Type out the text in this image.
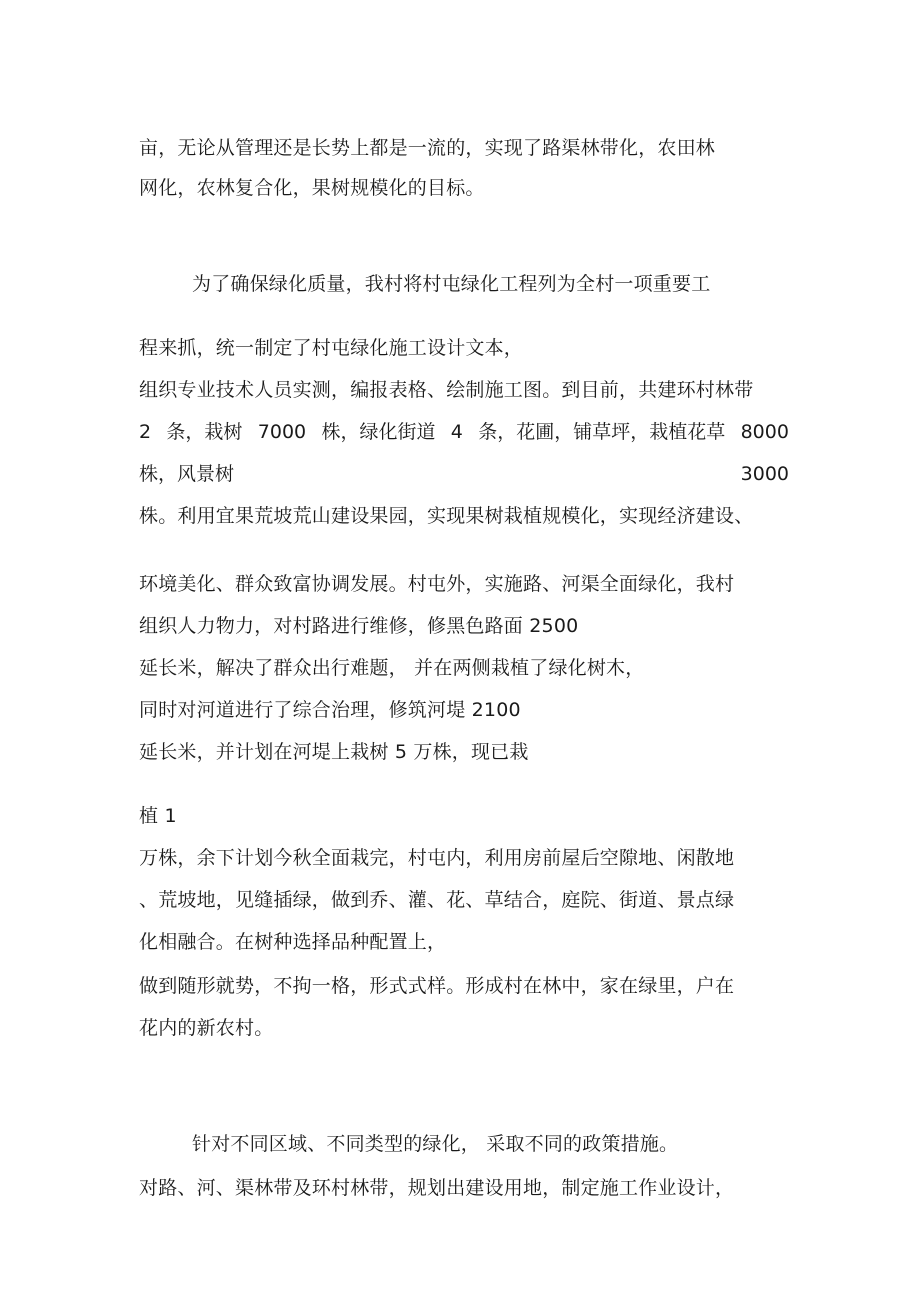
亩，无论从管理还是长势上都是一流的，实现了路渠林带化，农田林
网化，农林复合化，果树规模化的目标。
为了确保绿化质量，我村将村屯绿化工程列为全村一项重要工
程来抓，统一制定了村屯绿化施工设计文本，
组织专业技术人员实测，编报表格、绘制施工图。到目前，共建环村林带
2 条，栽树 7000 株，绿化街道 4 条，花圃，铺草坪，栽植花草 8000
株，风景树	3000
株。利用宜果荒坡荒山建设果园，实现果树栽植规模化，实现经济建设、
环境美化、群众致富协调发展。村屯外，实施路、河渠全面绿化，我村
组织人力物力，对村路进行维修，修黑色路面 2500
延长米，解决了群众出行难题， 并在两侧栽植了绿化树木，
同时对河道进行了综合治理，修筑河堤 2100
延长米，并计划在河堤上栽树 5 万株，现已栽
植 1
万株，余下计划今秋全面栽完，村屯内，利用房前屋后空隙地、闲散地
、荒坡地，见缝插绿，做到乔、灌、花、草结合，庭院、街道、景点绿
化相融合。在树种选择品种配置上，
做到随形就势，不拘一格，形式式样。形成村在林中，家在绿里，户在
花内的新农村。
针对不同区域、不同类型的绿化， 采取不同的政策措施。
对路、河、渠林带及环村林带，规划出建设用地，制定施工作业设计，
